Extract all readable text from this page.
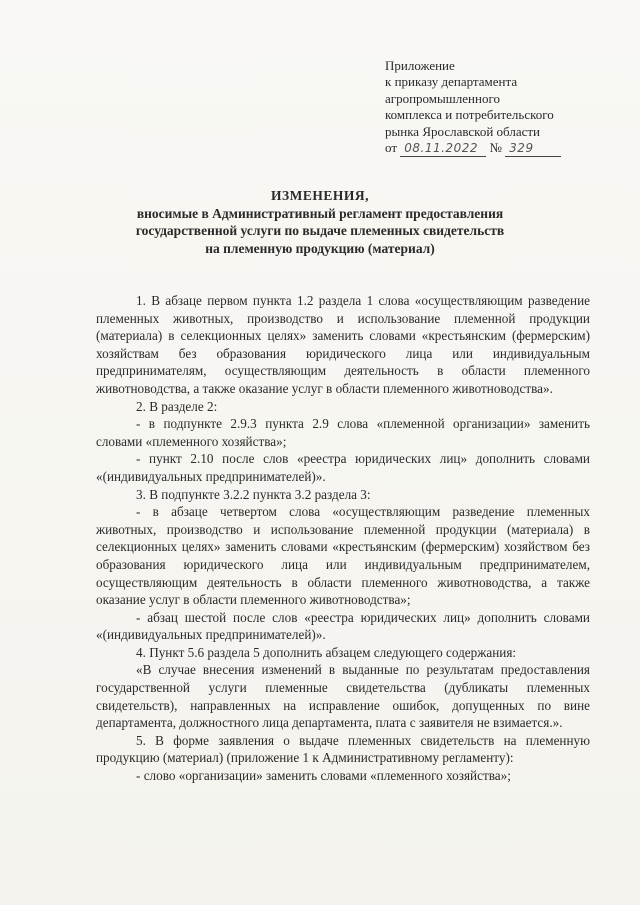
Приложение
к приказу департамента
агропромышленного
комплекса и потребительского
рынка Ярославской области
от 08.11.2022 № 329
ИЗМЕНЕНИЯ,
вносимые в Административный регламент предоставления
государственной услуги по выдаче племенных свидетельств
на племенную продукцию (материал)

1. В абзаце первом пункта 1.2 раздела 1 слова «осуществляющим разведение племенных животных, производство и использование племенной продукции (материала) в селекционных целях» заменить словами «крестьянским (фермерским) хозяйствам без образования юридического лица или индивидуальным предпринимателям, осуществляющим деятельность в области племенного животноводства, а также оказание услуг в области племенного животноводства».

2. В разделе 2:

- в подпункте 2.9.3 пункта 2.9 слова «племенной организации» заменить словами «племенного хозяйства»;

- пункт 2.10 после слов «реестра юридических лиц» дополнить словами «(индивидуальных предпринимателей)».

3. В подпункте 3.2.2 пункта 3.2 раздела 3:

- в абзаце четвертом слова «осуществляющим разведение племенных животных, производство и использование племенной продукции (материала) в селекционных целях» заменить словами «крестьянским (фермерским) хозяйством без образования юридического лица или индивидуальным предпринимателем, осуществляющим деятельность в области племенного животноводства, а также оказание услуг в области племенного животноводства»;

- абзац шестой после слов «реестра юридических лиц» дополнить словами «(индивидуальных предпринимателей)».

4. Пункт 5.6 раздела 5 дополнить абзацем следующего содержания:

«В случае внесения изменений в выданные по результатам предоставления государственной услуги племенные свидетельства (дубликаты племенных свидетельств), направленных на исправление ошибок, допущенных по вине департамента, должностного лица департамента, плата с заявителя не взимается.».

5. В форме заявления о выдаче племенных свидетельств на племенную продукцию (материал) (приложение 1 к Административному регламенту):

- слово «организации» заменить словами «племенного хозяйства»;
